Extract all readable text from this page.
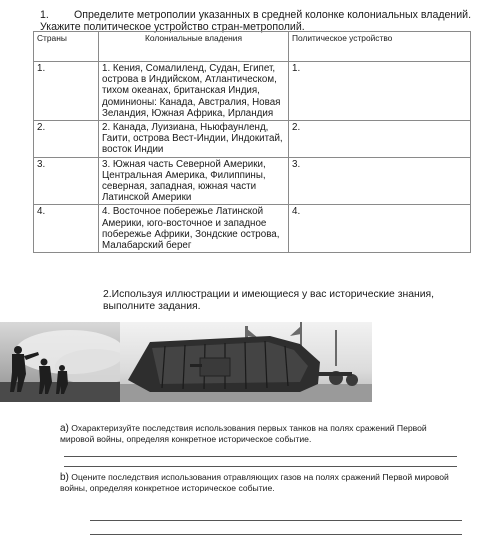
1. Определите метрополии указанных в средней колонке колониальных владений. Укажите политическое устройство стран-метрополий.
Страны	Колониальные владения	Политическое устройство
1.	1. Кения, Сомалиленд, Судан, Египет, острова в Индийском, Атлантическом, тихом океанах, британская Индия, доминионы: Канада, Австралия, Новая Зеландия, Южная Африка, Ирландия	1.
2.	2. Канада, Луизиана, Ньюфаунленд, Гаити, острова Вест-Индии, Индокитай, восток Индии	2.
3.	3. Южная часть Северной Америки, Центральная Америка, Филиппины, северная, западная, южная части Латинской Америки	3.
4.	4. Восточное побережье Латинской Америки, юго-восточное и западное побережье Африки, Зондские острова, Малабарский берег	4.
2.Используя иллюстрации и имеющиеся у вас исторические знания, выполните задания.
a) Охарактеризуйте последствия использования первых танков на полях сражений Первой мировой войны, определяя конкретное историческое событие.
b) Оцените последствия использования отравляющих газов на полях сражений Первой мировой войны, определяя конкретное историческое событие.
